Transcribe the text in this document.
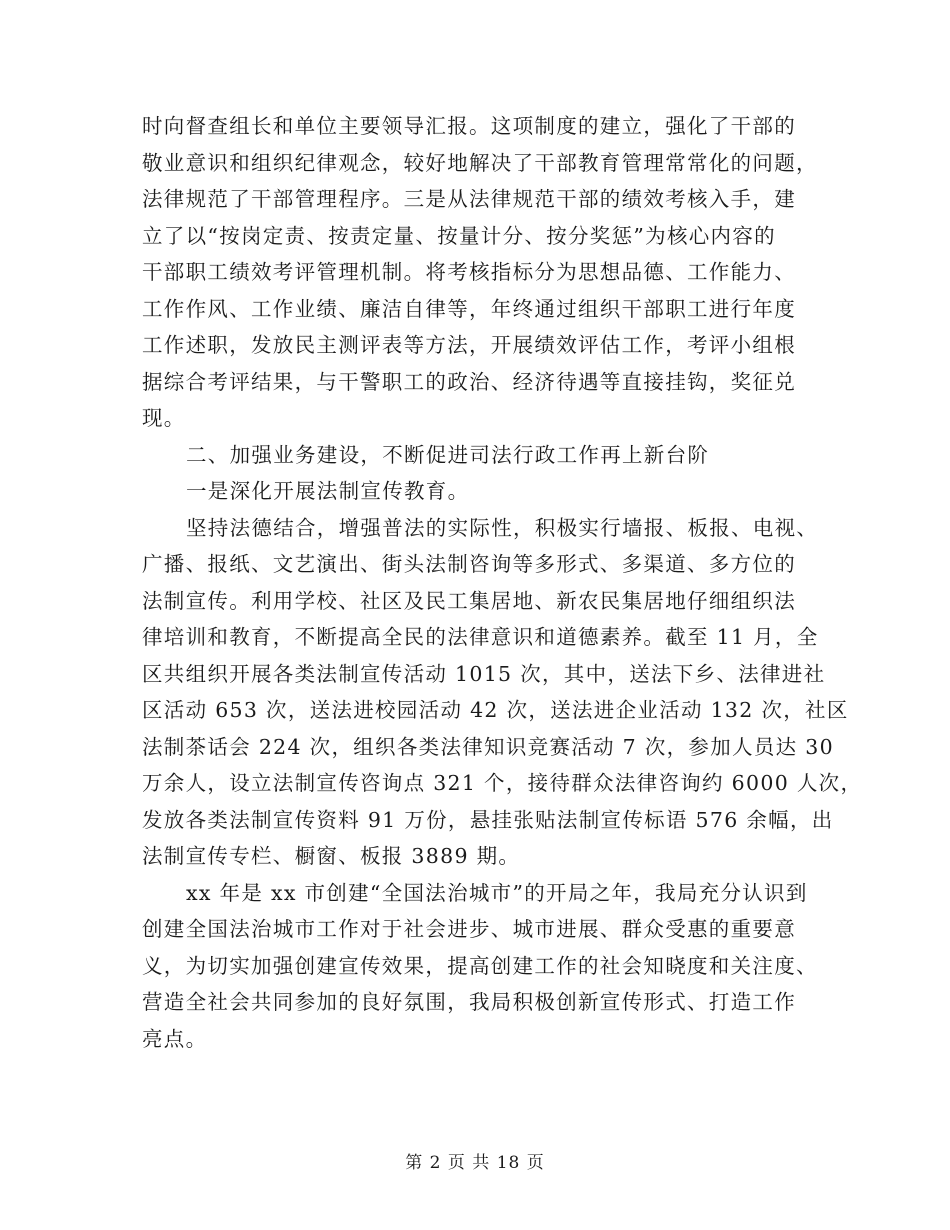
时向督查组长和单位主要领导汇报。这项制度的建立，强化了干部的
敬业意识和组织纪律观念，较好地解决了干部教育管理常常化的问题，
法律规范了干部管理程序。三是从法律规范干部的绩效考核入手，建
立了以“按岗定责、按责定量、按量计分、按分奖惩”为核心内容的
干部职工绩效考评管理机制。将考核指标分为思想品德、工作能力、
工作作风、工作业绩、廉洁自律等，年终通过组织干部职工进行年度
工作述职，发放民主测评表等方法，开展绩效评估工作，考评小组根
据综合考评结果，与干警职工的政治、经济待遇等直接挂钩，奖征兑
现。
二、加强业务建设，不断促进司法行政工作再上新台阶
一是深化开展法制宣传教育。
坚持法德结合，增强普法的实际性，积极实行墙报、板报、电视、
广播、报纸、文艺演出、街头法制咨询等多形式、多渠道、多方位的
法制宣传。利用学校、社区及民工集居地、新农民集居地仔细组织法
律培训和教育，不断提高全民的法律意识和道德素养。截至 11 月，全
区共组织开展各类法制宣传活动 1015 次，其中，送法下乡、法律进社
区活动 653 次，送法进校园活动 42 次，送法进企业活动 132 次，社区
法制茶话会 224 次，组织各类法律知识竞赛活动 7 次，参加人员达 30
万余人，设立法制宣传咨询点 321 个，接待群众法律咨询约 6000 人次，
发放各类法制宣传资料 91 万份，悬挂张贴法制宣传标语 576 余幅，出
法制宣传专栏、橱窗、板报 3889 期。
xx 年是 xx 市创建“全国法治城市”的开局之年，我局充分认识到
创建全国法治城市工作对于社会进步、城市进展、群众受惠的重要意
义，为切实加强创建宣传效果，提高创建工作的社会知晓度和关注度、
营造全社会共同参加的良好氛围，我局积极创新宣传形式、打造工作
亮点。
第 2 页 共 18 页
